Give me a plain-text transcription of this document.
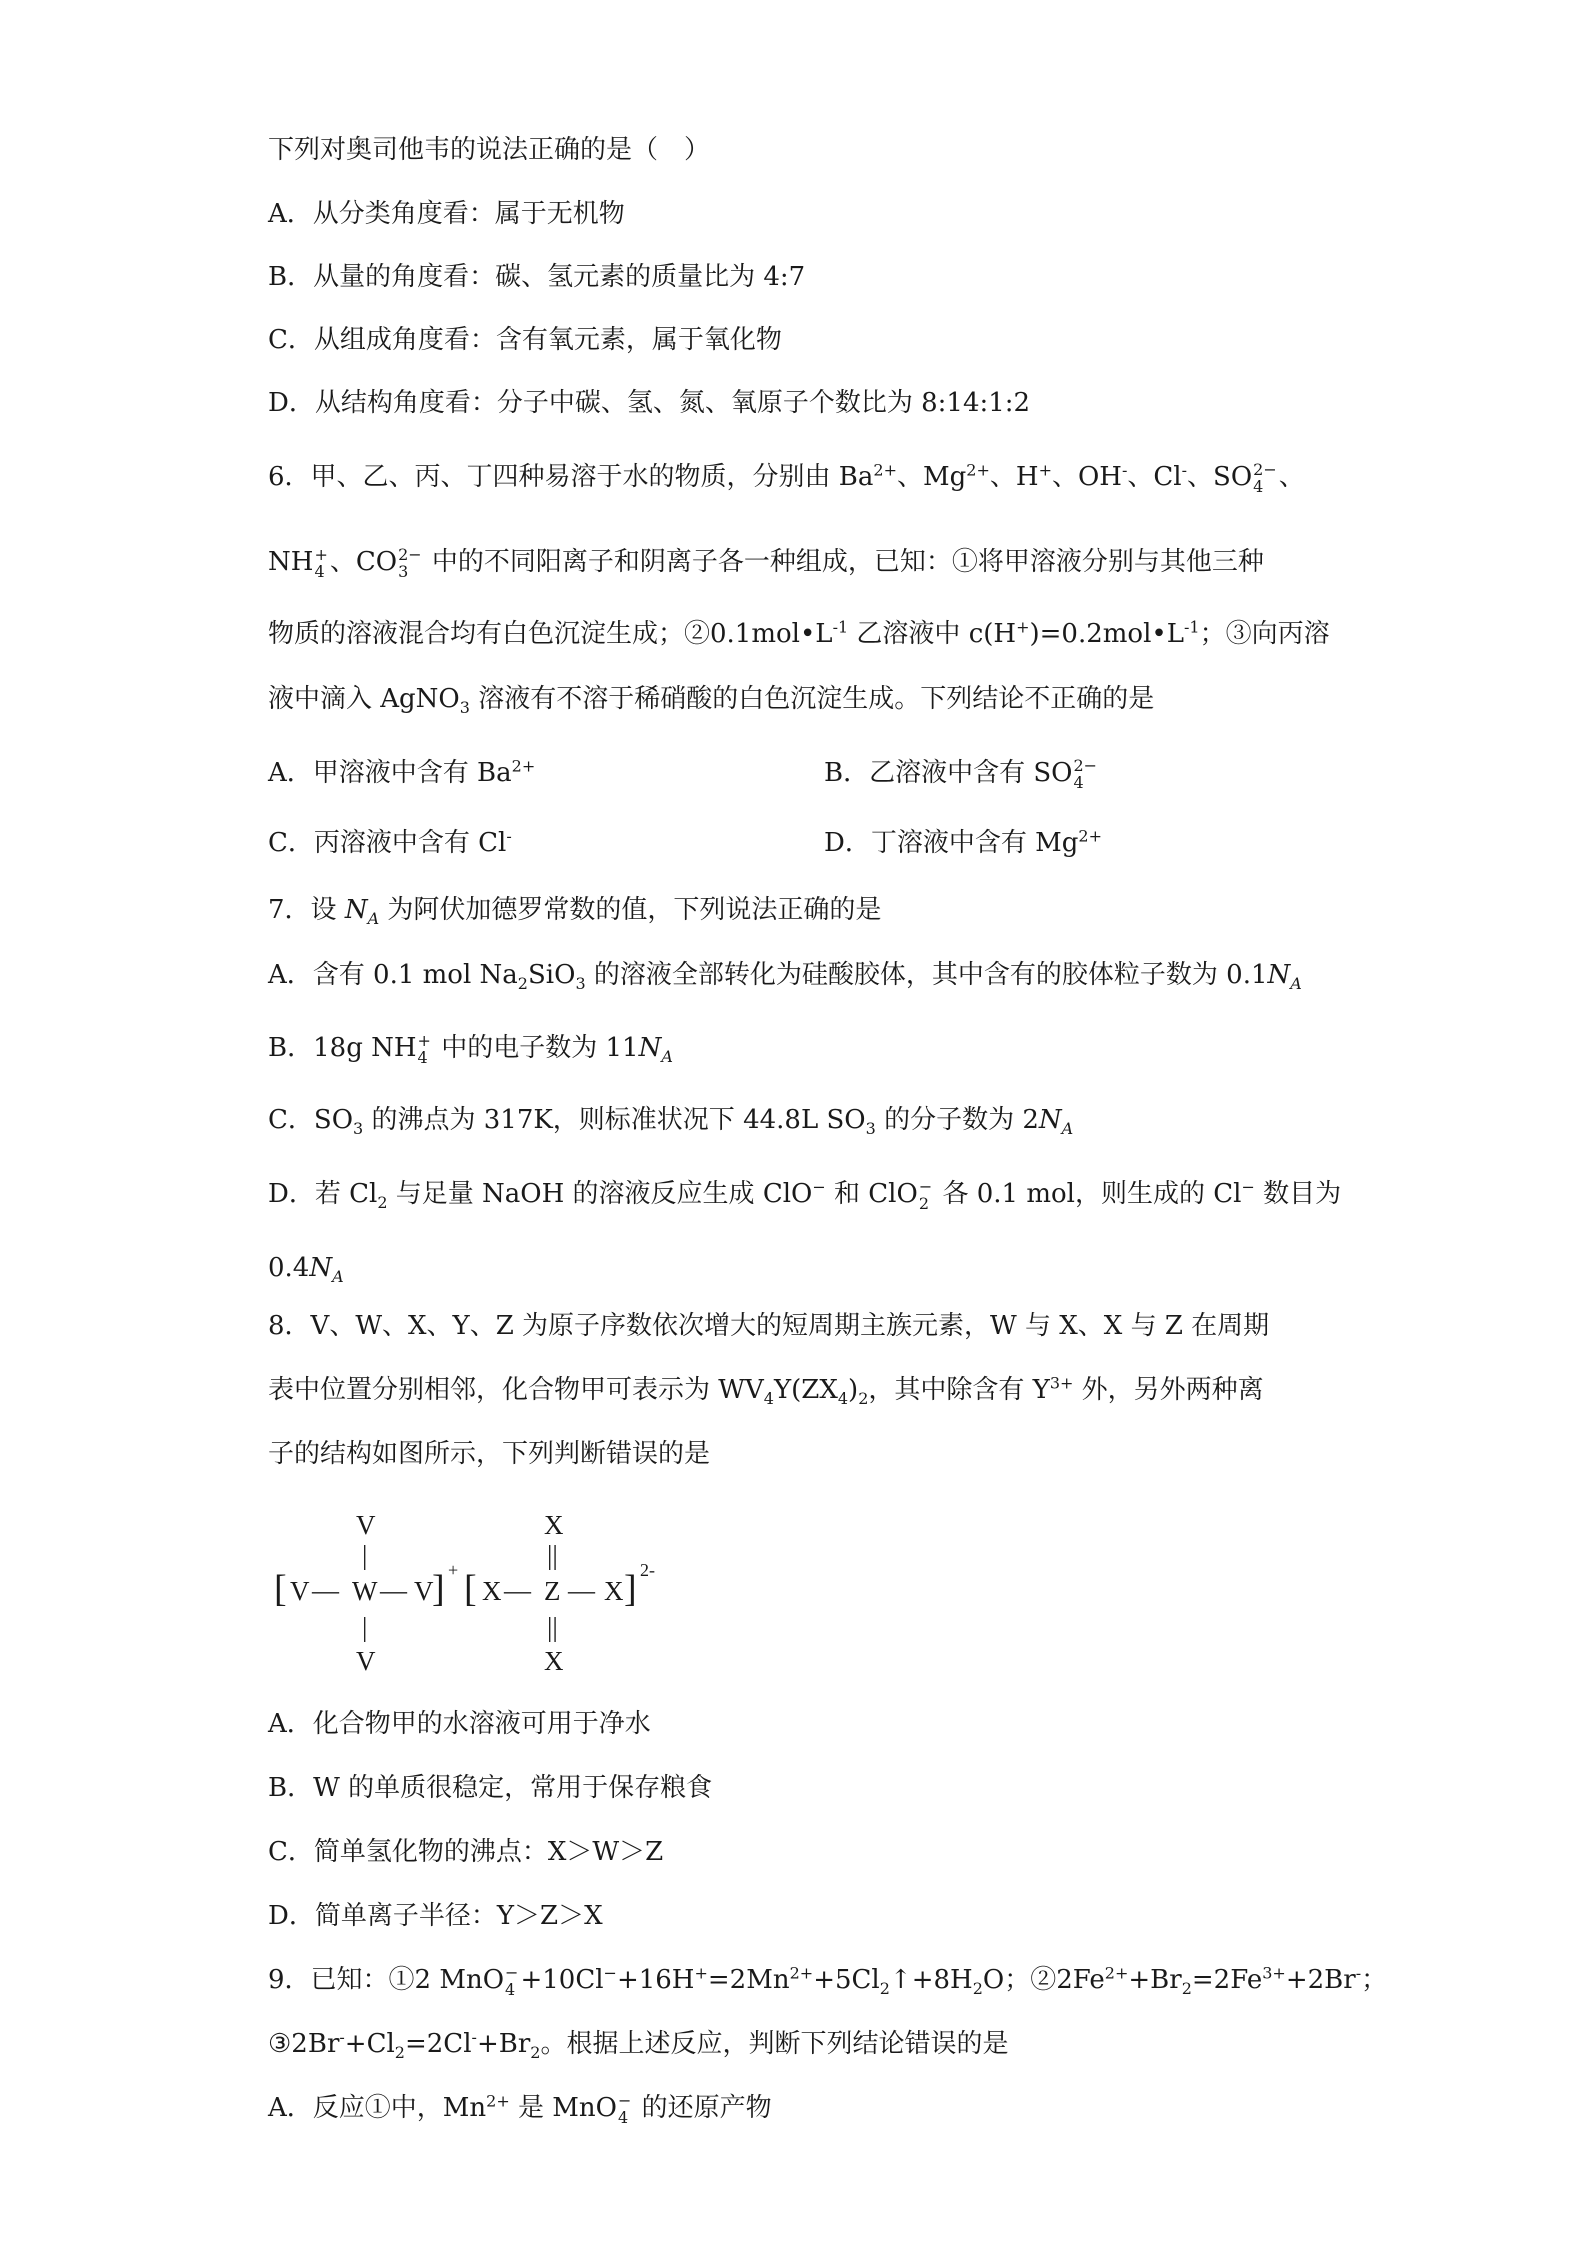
下列对奥司他韦的说法正确的是（　）
A．从分类角度看：属于无机物
B．从量的角度看：碳、氢元素的质量比为 4:7
C．从组成角度看：含有氧元素，属于氧化物
D．从结构角度看：分子中碳、氢、氮、氧原子个数比为 8:14:1:2
6．甲、乙、丙、丁四种易溶于水的物质，分别由 $Ba^{2+}$、$Mg^{2+}$、H+、OH-、Cl-、SO 2−
4 、
NH +
4 、CO 2−
3 中的不同阳离子和阴离子各一种组成，已知：①将甲溶液分别与其他三种
物质的溶液混合均有白色沉淀生成；$②0.1mol•L^{-1}$ 乙溶液中 $c(H^+)=0.2mol•L^{-1}$；③向丙溶
液中滴入 AgNO$_3$ 溶液有不溶于稀硝酸的白色沉淀生成。下列结论不正确的是
A．甲溶液中含有 $Ba^{2+}$	B．乙溶液中含有 SO 2−
4
C．丙溶液中含有 Cl-	D．丁溶液中含有 $Mg^{2+}$
7．设 $N_A$ 为阿伏加德罗常数的值，下列说法正确的是
A．含有 0.1 mol $Na_2SiO_3$ 的溶液全部转化为硅酸胶体，其中含有的胶体粒子数为 $0.1N_A$
B．18g NH +
4 中的电子数为 $11N_A$
C．$SO_3$ 的沸点为 317K，则标准状况下 44.8L $SO_3$ 的分子数为 $2N_A$
D．若 $Cl_2$ 与足量 NaOH 的溶液反应生成 ClO− 和 ClO −
2 各 0.1 mol，则生成的 Cl− 数目为
$0.4N_A$
8．V、W、X、Y、Z 为原子序数依次增大的短周期主族元素，W 与 X、X 与 Z 在周期
表中位置分别相邻，化合物甲可表示为 $WV_4Y(ZX_4)_2$，其中除含有 $Y^{3+}$ 外，另外两种离
子的结构如图所示，下列判断错误的是
[
V
|
V — W — V
|
V
] + [
X
||
X — Z — X
||
X
] 2-
A．化合物甲的水溶液可用于净水
B．W 的单质很稳定，常用于保存粮食
C．简单氢化物的沸点：X＞W＞Z
D．简单离子半径：Y＞Z＞X
9．已知：①2 MnO −
$4 +10Cl^-+16H^+=2Mn^{2+}+5Cl_2↑+8H_2O$；$②2Fe^{2+}+Br_2=2Fe^{3+}+2Br^-$；
$③2Br^-+Cl_2=2Cl^-+Br_2$。根据上述反应，判断下列结论错误的是
A．反应①中，$Mn^{2+}$ 是 MnO −
4 的还原产物
